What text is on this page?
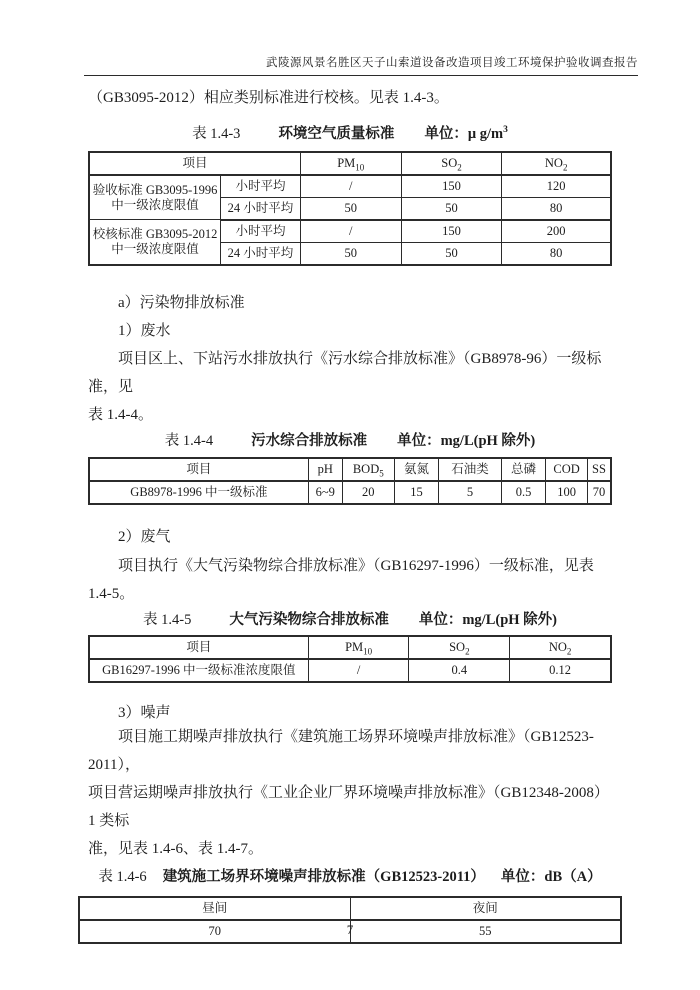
武陵源风景名胜区天子山索道设备改造项目竣工环境保护验收调查报告
（GB3095-2012）相应类别标准进行校核。见表 1.4-3。
表 1.4-3	环境空气质量标准 单位：μ $g/m^3$
项目		$PM_{10}$	$SO_2$	$NO_2$

验收标准 GB3095-1996
中一级浓度限值	小时平均	/	150	120
	24 小时平均	50	50	80

校核标准 GB3095-2012
中一级浓度限值	小时平均	/	150	200
	24 小时平均	50	50	80
a）污染物排放标准
1）废水

项目区上、下站污水排放执行《污水综合排放标准》（GB8978-96）一级标准，见
表 1.4-4。

表 1.4-4	污水综合排放标准 单位：mg/L(pH 除外)
项目	pH	$BOD_5$	氨氮	石油类	总磷	COD	SS
GB8978-1996 中一级标准	6~9	20	15	5	0.5	100	70
2）废气

项目执行《大气污染物综合排放标准》（GB16297-1996）一级标准，见表 1.4-5。

表 1.4-5	大气污染物综合排放标准 单位：mg/L(pH 除外)
项目	$PM_{10}$	$SO_2$	$NO_2$
GB16297-1996 中一级标准浓度限值	/	0.4	0.12
3）噪声

项目施工期噪声排放执行《建筑施工场界环境噪声排放标准》（GB12523-2011），
项目营运期噪声排放执行《工业企业厂界环境噪声排放标准》（GB12348-2008）1 类标
准，见表 1.4-6、表 1.4-7。

表 1.4-6 建筑施工场界环境噪声排放标准（GB12523-2011） 单位：dB（A）
昼间	夜间
70	55
7
